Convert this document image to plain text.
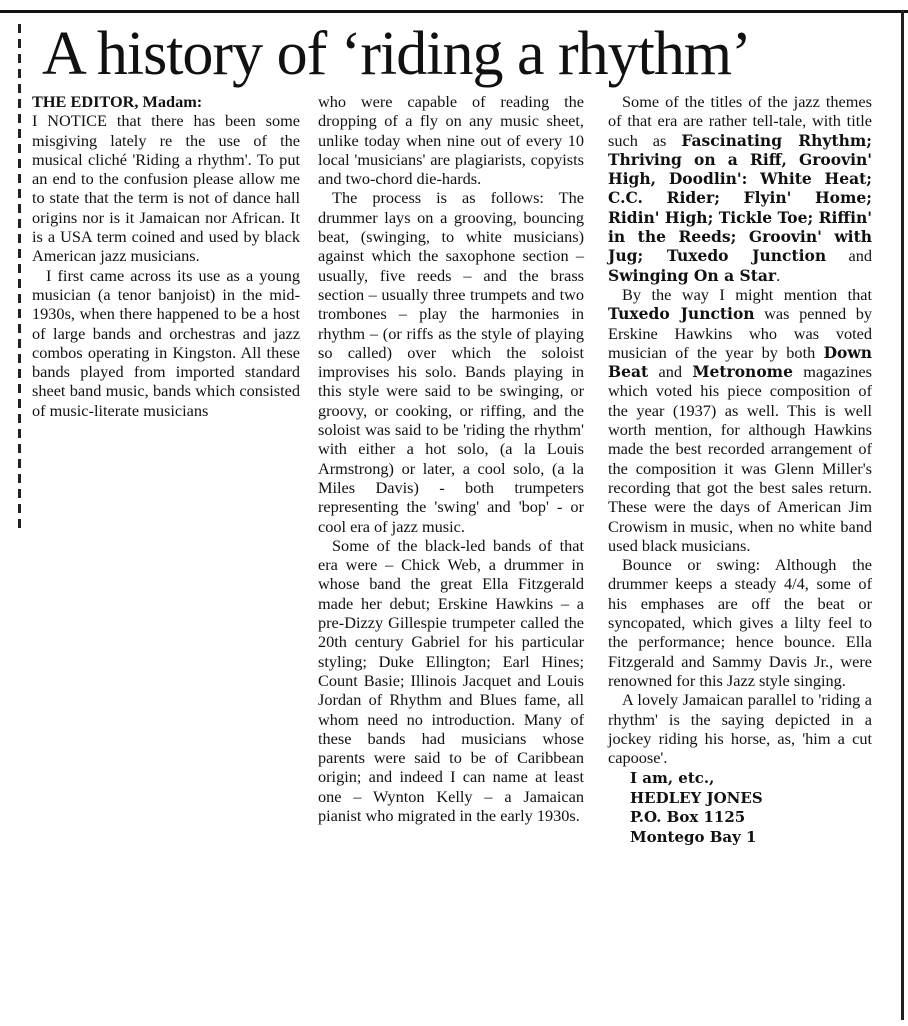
A history of ‘riding a rhythm’
THE EDITOR, Madam:

I NOTICE that there has been some misgiving lately re the use of the musical cliché 'Riding a rhythm'. To put an end to the confusion please allow me to state that the term is not of dance hall origins nor is it Jamaican nor African. It is a USA term coined and used by black American jazz musicians.

I first came across its use as a young musician (a tenor banjoist) in the mid-1930s, when there happened to be a host of large bands and orchestras and jazz combos operating in Kingston. All these bands played from imported standard sheet band music, bands which consisted of music-literate musicians

who were capable of reading the dropping of a fly on any music sheet, unlike today when nine out of every 10 local 'musicians' are plagiarists, copyists and two-chord die-hards.

The process is as follows: The drummer lays on a grooving, bouncing beat, (swinging, to white musicians) against which the saxophone section – usually, five reeds – and the brass section – usually three trumpets and two trombones – play the harmonies in rhythm – (or riffs as the style of playing so called) over which the soloist improvises his solo. Bands playing in this style were said to be swinging, or groovy, or cooking, or riffing, and the soloist was said to be 'riding the rhythm' with either a hot solo, (a la Louis Armstrong) or later, a cool solo, (a la Miles Davis) - both trumpeters representing the 'swing' and 'bop' - or cool era of jazz music.

Some of the black-led bands of that era were – Chick Web, a drummer in whose band the great Ella Fitzgerald made her debut; Erskine Hawkins – a pre-Dizzy Gillespie trumpeter called the 20th century Gabriel for his particular styling; Duke Ellington; Earl Hines; Count Basie; Illinois Jacquet and Louis Jordan of Rhythm and Blues fame, all whom need no introduction. Many of these bands had musicians whose parents were said to be of Caribbean origin; and indeed I can name at least one – Wynton Kelly – a Jamaican pianist who migrated in the early 1930s.

Some of the titles of the jazz themes of that era are rather tell-tale, with title such as Fascinating Rhythm; Thriving on a Riff, Groovin' High, Doodlin': White Heat; C.C. Rider; Flyin' Home; Ridin' High; Tickle Toe; Riffin' in the Reeds; Groovin' with Jug; Tuxedo Junction and Swinging On a Star.

By the way I might mention that Tuxedo Junction was penned by Erskine Hawkins who was voted musician of the year by both Down Beat and Metronome magazines which voted his piece composition of the year (1937) as well. This is well worth mention, for although Hawkins made the best recorded arrangement of the composition it was Glenn Miller's recording that got the best sales return. These were the days of American Jim Crowism in music, when no white band used black musicians.

Bounce or swing: Although the drummer keeps a steady 4/4, some of his emphases are off the beat or syncopated, which gives a lilty feel to the performance; hence bounce. Ella Fitzgerald and Sammy Davis Jr., were renowned for this Jazz style singing.

A lovely Jamaican parallel to 'riding a rhythm' is the saying depicted in a jockey riding his horse, as, 'him a cut capoose'.

I am, etc.,
HEDLEY JONES
P.O. Box 1125
Montego Bay 1
